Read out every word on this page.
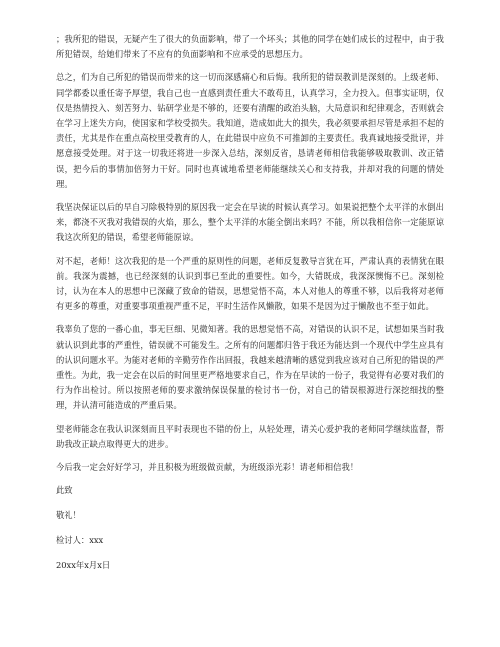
；我所犯的错误，无疑产生了很大的负面影响，带了一个坏头；其他的同学在她们成长的过程中，由于我所犯错误，给她们带来了不应有的负面影响和不应承受的思想压力。

总之，们为自己所犯的错误而带来的这一切而深感痛心和后悔。我所犯的错误教训是深刻的。上级老师、同学都委以重任寄予厚望，我自己也一直感到责任重大不敢苟且，认真学习，全力投入。但事实证明，仅仅是热情投入、刻苦努力、钻研学业是不够的，还要有清醒的政治头脑，大局意识和纪律观念，否则就会在学习上迷失方向，使国家和学校受损失。我知道，造成如此大的损失，我必须要承担尽管是承担不起的责任，尤其是作在重点高校里受教育的人，在此错误中应负不可推卸的主要责任。我真诚地接受批评，并愿意接受处理。对于这一切我还将进一步深入总结，深刻反省，恳请老师相信我能够吸取教训、改正错误，把今后的事情加倍努力干好。同时也真诚地希望老师能继续关心和支持我，并却对我的问题的情处理。

我坚决保证以后的早自习除极特别的原因我一定会在早读的时候认真学习。如果说把整个太平洋的水倒出来，都浇不灭我对我错误的火焰，那么，整个太平洋的水能全倒出来吗？不能，所以我相信你一定能原谅我这次所犯的错误，希望老师能原谅。

对不起，老师！这次我犯的是一个严重的原则性的问题，老师反复教导言犹在耳，严肃认真的表情犹在眼前。我深为震撼，也已经深刻的认识到事已至此的重要性。如今，大错既成，我深深懊悔不已。深刻检讨，认为在本人的思想中已深藏了致命的错误，思想觉悟不高，本人对他人的尊重不够，以后我将对老师有更多的尊重，对重要事项重视严重不足，平时生活作风懒散，如果不是因为过于懒散也不至于如此。

我辜负了您的一番心血，事无巨细、见微知著。我的思想觉悟不高，对错误的认识不足，试想如果当时我就认识到此事的严重性，错误就不可能发生。之所有的问题都归咎于我还为能达到一个现代中学生应具有的认识问题水平。为能对老师的辛勤劳作作出回报，我越来越清晰的感觉到我应该对自己所犯的错误的严重性。为此，我一定会在以后的时间里更严格地要求自己，作为在早读的一份子，我觉得有必要对我们的行为作出检讨。所以按照老师的要求激纳保误保量的检讨书一份，对自己的错误根源进行深挖细找的整理，并认清可能造成的严重后果。

望老师能念在我认识深刻而且平时表现也不错的份上，从轻处理，请关心爱护我的老师同学继续监督，帮助我改正缺点取得更大的进步。

今后我一定会好好学习，并且积极为班级做贡献，为班级添光彩！请老师相信我！

此致

敬礼！

检讨人：xxx

20xx年x月x日
